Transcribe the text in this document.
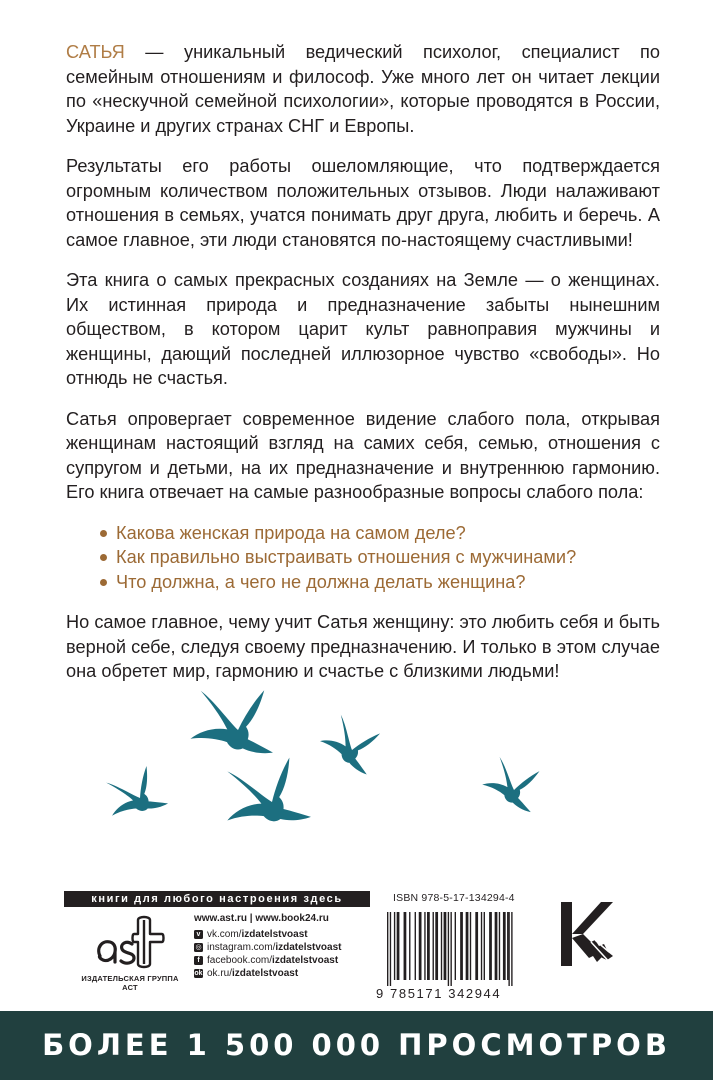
САТЬЯ — уникальный ведический психолог, специалист по семейным отношениям и философ. Уже много лет он читает лекции по «нескучной семейной психологии», которые проводятся в России, Украине и других странах СНГ и Европы.

Результаты его работы ошеломляющие, что подтверждается огромным количеством положительных отзывов. Люди налаживают отношения в семьях, учатся понимать друг друга, любить и беречь. А самое главное, эти люди становятся по-настоящему счастливыми!

Эта книга о самых прекрасных созданиях на Земле — о женщинах. Их истинная природа и предназначение забыты нынешним обществом, в котором царит культ равноправия мужчины и женщины, дающий последней иллюзорное чувство «свободы». Но отнюдь не счастья.

Сатья опровергает современное видение слабого пола, открывая женщинам настоящий взгляд на самих себя, семью, отношения с супругом и детьми, на их предназначение и внутреннюю гармонию. Его книга отвечает на самые разнообразные вопросы слабого пола:

Какова женская природа на самом деле?
Как правильно выстраивать отношения с мужчинами?
Что должна, а чего не должна делать женщина?

Но самое главное, чему учит Сатья женщину: это любить себя и быть верной себе, следуя своему предназначению. И только в этом случае она обретет мир, гармонию и счастье с близкими людьми!

книги для любого настроения здесь
ИЗДАТЕЛЬСКАЯ ГРУППА АСТ
www.ast.ru | www.book24.ru
v vk.com/ izdatelstvoast
◎ instagram.com/ izdatelstvoast
f facebook.com/ izdatelstvoast
ok ok.ru/ izdatelstvoast
ISBN 978-5-17-134294-4
9 785171 342944
БОЛЕЕ 1 500 000 ПРОСМОТРОВ
